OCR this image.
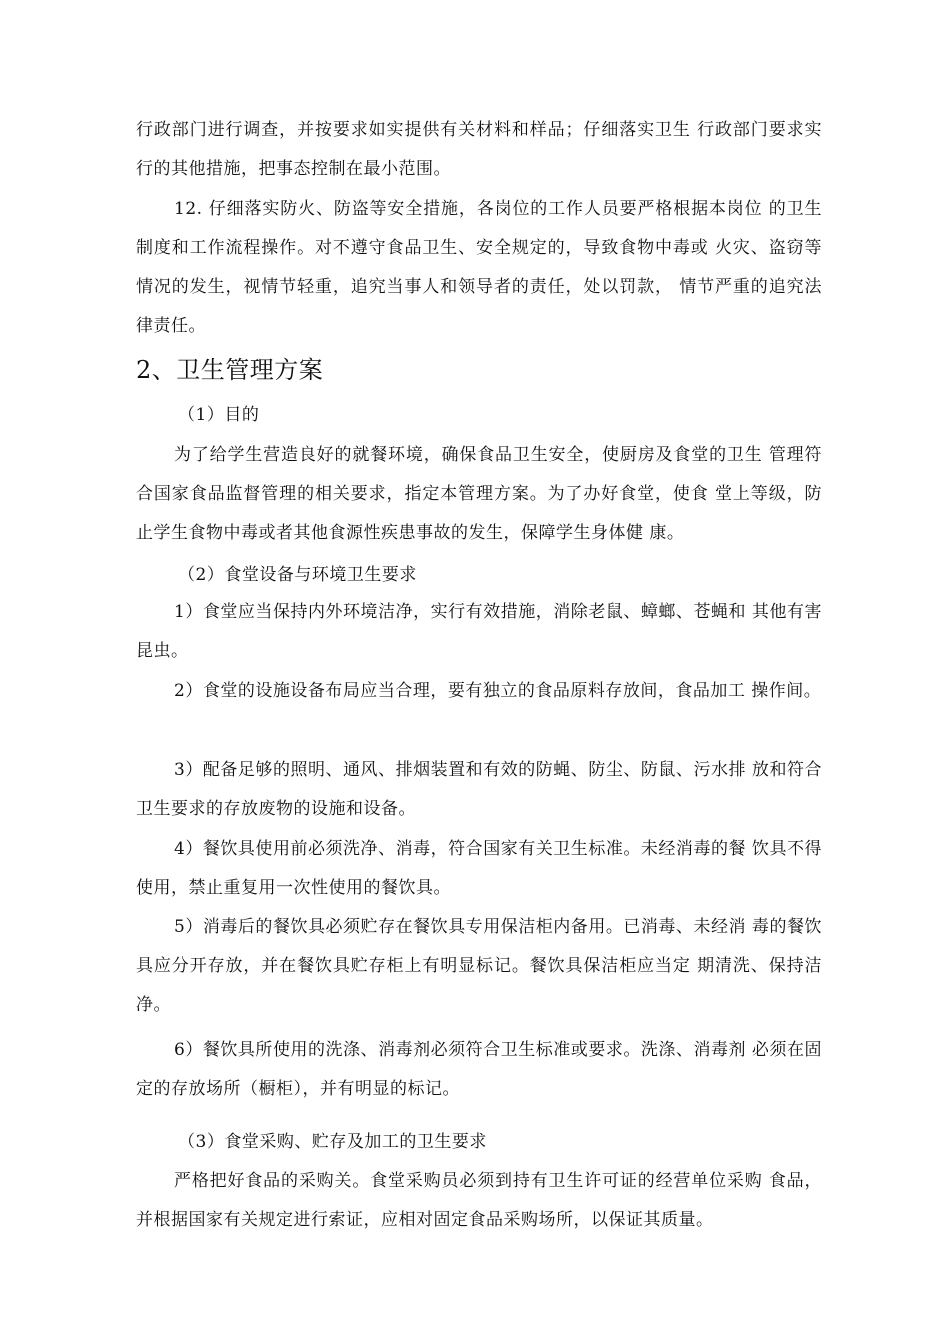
行政部门进行调查，并按要求如实提供有关材料和样品；仔细落实卫生 行政部门要求实行的其他措施，把事态控制在最小范围。

12. 仔细落实防火、防盗等安全措施，各岗位的工作人员要严格根据本岗位 的卫生制度和工作流程操作。对不遵守食品卫生、安全规定的，导致食物中毒或 火灾、盗窃等情况的发生，视情节轻重，追究当事人和领导者的责任，处以罚款， 情节严重的追究法律责任。

2、卫生管理方案

（1）目的

为了给学生营造良好的就餐环境，确保食品卫生安全，使厨房及食堂的卫生 管理符合国家食品监督管理的相关要求，指定本管理方案。为了办好食堂，使食 堂上等级，防止学生食物中毒或者其他食源性疾患事故的发生，保障学生身体健 康。

（2）食堂设备与环境卫生要求

1）食堂应当保持内外环境洁净，实行有效措施，消除老鼠、蟑螂、苍蝇和 其他有害昆虫。

2）食堂的设施设备布局应当合理，要有独立的食品原料存放间，食品加工 操作间。

3）配备足够的照明、通风、排烟装置和有效的防蝇、防尘、防鼠、污水排 放和符合卫生要求的存放废物的设施和设备。

4）餐饮具使用前必须洗净、消毒，符合国家有关卫生标准。未经消毒的餐 饮具不得使用，禁止重复用一次性使用的餐饮具。

5）消毒后的餐饮具必须贮存在餐饮具专用保洁柜内备用。已消毒、未经消 毒的餐饮具应分开存放，并在餐饮具贮存柜上有明显标记。餐饮具保洁柜应当定 期清洗、保持洁净。

6）餐饮具所使用的洗涤、消毒剂必须符合卫生标准或要求。洗涤、消毒剂 必须在固定的存放场所（橱柜），并有明显的标记。

（3）食堂采购、贮存及加工的卫生要求

严格把好食品的采购关。食堂采购员必须到持有卫生许可证的经营单位采购 食品，并根据国家有关规定进行索证，应相对固定食品采购场所，以保证其质量。
